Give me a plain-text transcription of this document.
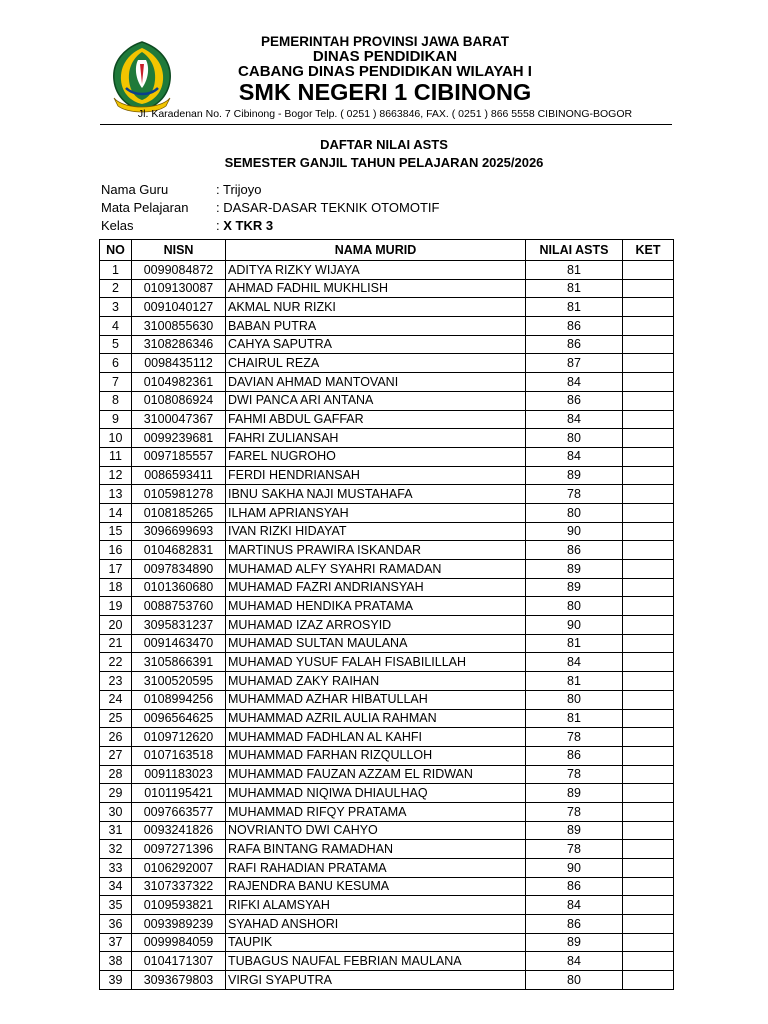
PEMERINTAH PROVINSI JAWA BARAT
DINAS PENDIDIKAN
CABANG DINAS PENDIDIKAN WILAYAH I
SMK NEGERI 1 CIBINONG
Jl. Karadenan No. 7 Cibinong - Bogor Telp. ( 0251 ) 8663846, FAX. ( 0251 ) 866 5558 CIBINONG-BOGOR
DAFTAR NILAI ASTS
SEMESTER GANJIL TAHUN PELAJARAN 2025/2026
Nama Guru	: Trijoyo
Mata Pelajaran : DASAR-DASAR TEKNIK OTOMOTIF
Kelas	: X TKR 3
NO	NISN	NAMA MURID	NILAI ASTS	KET
1	0099084872	ADITYA RIZKY WIJAYA	81	
2	0109130087	AHMAD FADHIL MUKHLISH	81	
3	0091040127	AKMAL NUR RIZKI	81	
4	3100855630	BABAN PUTRA	86	
5	3108286346	CAHYA SAPUTRA	86	
6	0098435112	CHAIRUL REZA	87	
7	0104982361	DAVIAN AHMAD MANTOVANI	84	
8	0108086924	DWI PANCA ARI ANTANA	86	
9	3100047367	FAHMI ABDUL GAFFAR	84	
10	0099239681	FAHRI ZULIANSAH	80	
11	0097185557	FAREL NUGROHO	84	
12	0086593411	FERDI HENDRIANSAH	89	
13	0105981278	IBNU SAKHA NAJI MUSTAHAFA	78	
14	0108185265	ILHAM APRIANSYAH	80	
15	3096699693	IVAN RIZKI HIDAYAT	90	
16	0104682831	MARTINUS PRAWIRA ISKANDAR	86	
17	0097834890	MUHAMAD ALFY SYAHRI RAMADAN	89	
18	0101360680	MUHAMAD FAZRI ANDRIANSYAH	89	
19	0088753760	MUHAMAD HENDIKA PRATAMA	80	
20	3095831237	MUHAMAD IZAZ ARROSYID	90	
21	0091463470	MUHAMAD SULTAN MAULANA	81	
22	3105866391	MUHAMAD YUSUF FALAH FISABILILLAH	84	
23	3100520595	MUHAMAD ZAKY RAIHAN	81	
24	0108994256	MUHAMMAD AZHAR HIBATULLAH	80	
25	0096564625	MUHAMMAD AZRIL AULIA RAHMAN	81	
26	0109712620	MUHAMMAD FADHLAN AL KAHFI	78	
27	0107163518	MUHAMMAD FARHAN RIZQULLOH	86	
28	0091183023	MUHAMMAD FAUZAN AZZAM EL RIDWAN	78	
29	0101195421	MUHAMMAD NIQIWA DHIAULHAQ	89	
30	0097663577	MUHAMMAD RIFQY PRATAMA	78	
31	0093241826	NOVRIANTO DWI CAHYO	89	
32	0097271396	RAFA BINTANG RAMADHAN	78	
33	0106292007	RAFI RAHADIAN PRATAMA	90	
34	3107337322	RAJENDRA BANU KESUMA	86	
35	0109593821	RIFKI ALAMSYAH	84	
36	0093989239	SYAHAD ANSHORI	86	
37	0099984059	TAUPIK	89	
38	0104171307	TUBAGUS NAUFAL FEBRIAN MAULANA	84	
39	3093679803	VIRGI SYAPUTRA	80	
